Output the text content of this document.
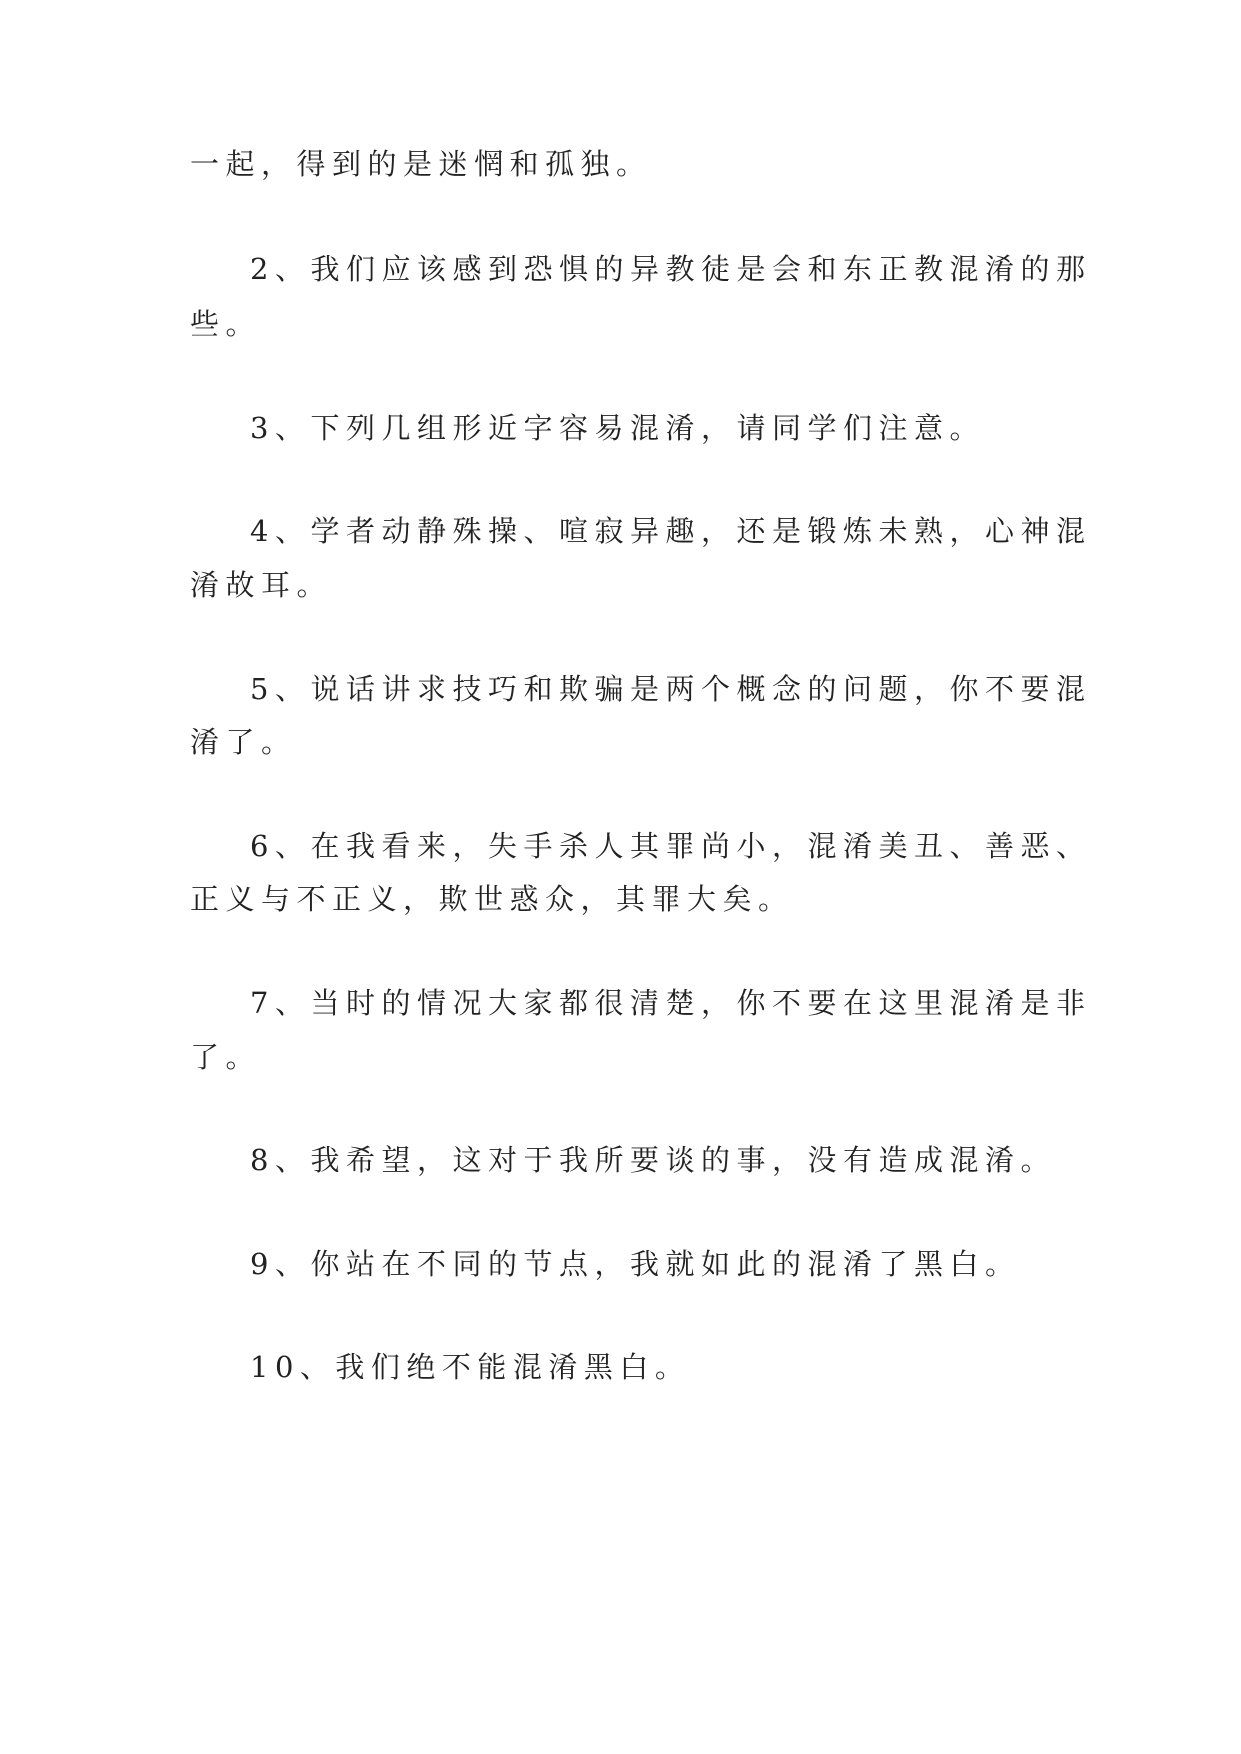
一起，得到的是迷惘和孤独。
2、我们应该感到恐惧的异教徒是会和东正教混淆的那
些。
3、下列几组形近字容易混淆，请同学们注意。
4、学者动静殊操、喧寂异趣，还是锻炼未熟，心神混
淆故耳。
5、说话讲求技巧和欺骗是两个概念的问题，你不要混
淆了。
6、在我看来，失手杀人其罪尚小，混淆美丑、善恶、
正义与不正义，欺世惑众，其罪大矣。
7、当时的情况大家都很清楚，你不要在这里混淆是非
了。
8、我希望，这对于我所要谈的事，没有造成混淆。
9、你站在不同的节点，我就如此的混淆了黑白。
10、我们绝不能混淆黑白。
